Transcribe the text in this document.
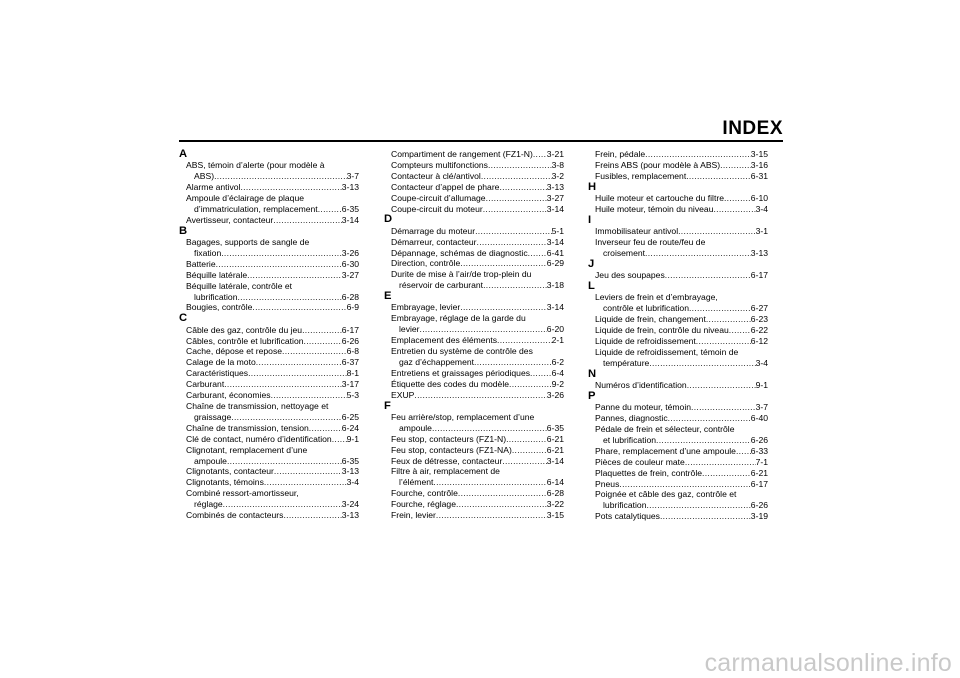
INDEX
A
ABS, témoin d’alerte (pour modèle à
ABS) .....	3-7
Alarme antivol .....	3-13
Ampoule d’éclairage de plaque
d’immatriculation, remplacement .....	6-35
Avertisseur, contacteur .....	3-14
B
Bagages, supports de sangle de
fixation .....	3-26
Batterie .....	6-30
Béquille latérale .....	3-27
Béquille latérale, contrôle et
lubrification .....	6-28
Bougies, contrôle .....	6-9
C
Câble des gaz, contrôle du jeu .....	6-17
Câbles, contrôle et lubrification .....	6-26
Cache, dépose et repose .....	6-8
Calage de la moto .....	6-37
Caractéristiques .....	8-1
Carburant .....	3-17
Carburant, économies .....	5-3
Chaîne de transmission, nettoyage et
graissage .....	6-25
Chaîne de transmission, tension .....	6-24
Clé de contact, numéro d’identification ..... 9-1
Clignotant, remplacement d’une
ampoule .....	6-35
Clignotants, contacteur .....	3-13
Clignotants, témoins .....	3-4
Combiné ressort-amortisseur,
réglage .....	3-24
Combinés de contacteurs .....	3-13
Compartiment de rangement (FZ1-N) ..... 3-21
Compteurs multifonctions .....	3-8
Contacteur à clé/antivol .....	3-2
Contacteur d’appel de phare .....	3-13
Coupe-circuit d’allumage .....	3-27
Coupe-circuit du moteur .....	3-14
D
Démarrage du moteur .....	5-1
Démarreur, contacteur .....	3-14
Dépannage, schémas de diagnostic ..... 6-41
Direction, contrôle .....	6-29
Durite de mise à l’air/de trop-plein du
réservoir de carburant .....	3-18
E
Embrayage, levier .....	3-14
Embrayage, réglage de la garde du
levier .....	6-20
Emplacement des éléments .....	2-1
Entretien du système de contrôle des
gaz d’échappement .....	6-2
Entretiens et graissages périodiques .....	6-4
Étiquette des codes du modèle .....	9-2
EXUP .....	3-26
F
Feu arrière/stop, remplacement d’une
ampoule .....	6-35
Feu stop, contacteurs (FZ1-N) .....	6-21
Feu stop, contacteurs (FZ1-NA) .....	6-21
Feux de détresse, contacteur .....	3-14
Filtre à air, remplacement de
l’élément .....	6-14
Fourche, contrôle .....	6-28
Fourche, réglage .....	3-22
Frein, levier .....	3-15
Frein, pédale .....	3-15
Freins ABS (pour modèle à ABS) .....	3-16
Fusibles, remplacement .....	6-31
H
Huile moteur et cartouche du filtre .....	6-10
Huile moteur, témoin du niveau .....	3-4
I
Immobilisateur antivol .....	3-1
Inverseur feu de route/feu de
croisement .....	3-13
J
Jeu des soupapes .....	6-17
L
Leviers de frein et d’embrayage,
contrôle et lubrification .....	6-27
Liquide de frein, changement .....	6-23
Liquide de frein, contrôle du niveau .....	6-22
Liquide de refroidissement .....	6-12
Liquide de refroidissement, témoin de
température .....	3-4
N
Numéros d’identification .....	9-1
P
Panne du moteur, témoin .....	3-7
Pannes, diagnostic .....	6-40
Pédale de frein et sélecteur, contrôle
et lubrification .....	6-26
Phare, remplacement d’une ampoule ..... 6-33
Pièces de couleur mate .....	7-1
Plaquettes de frein, contrôle .....	6-21
Pneus .....	6-17
Poignée et câble des gaz, contrôle et
lubrification .....	6-26
Pots catalytiques .....	3-19
carmanualsonline.info
